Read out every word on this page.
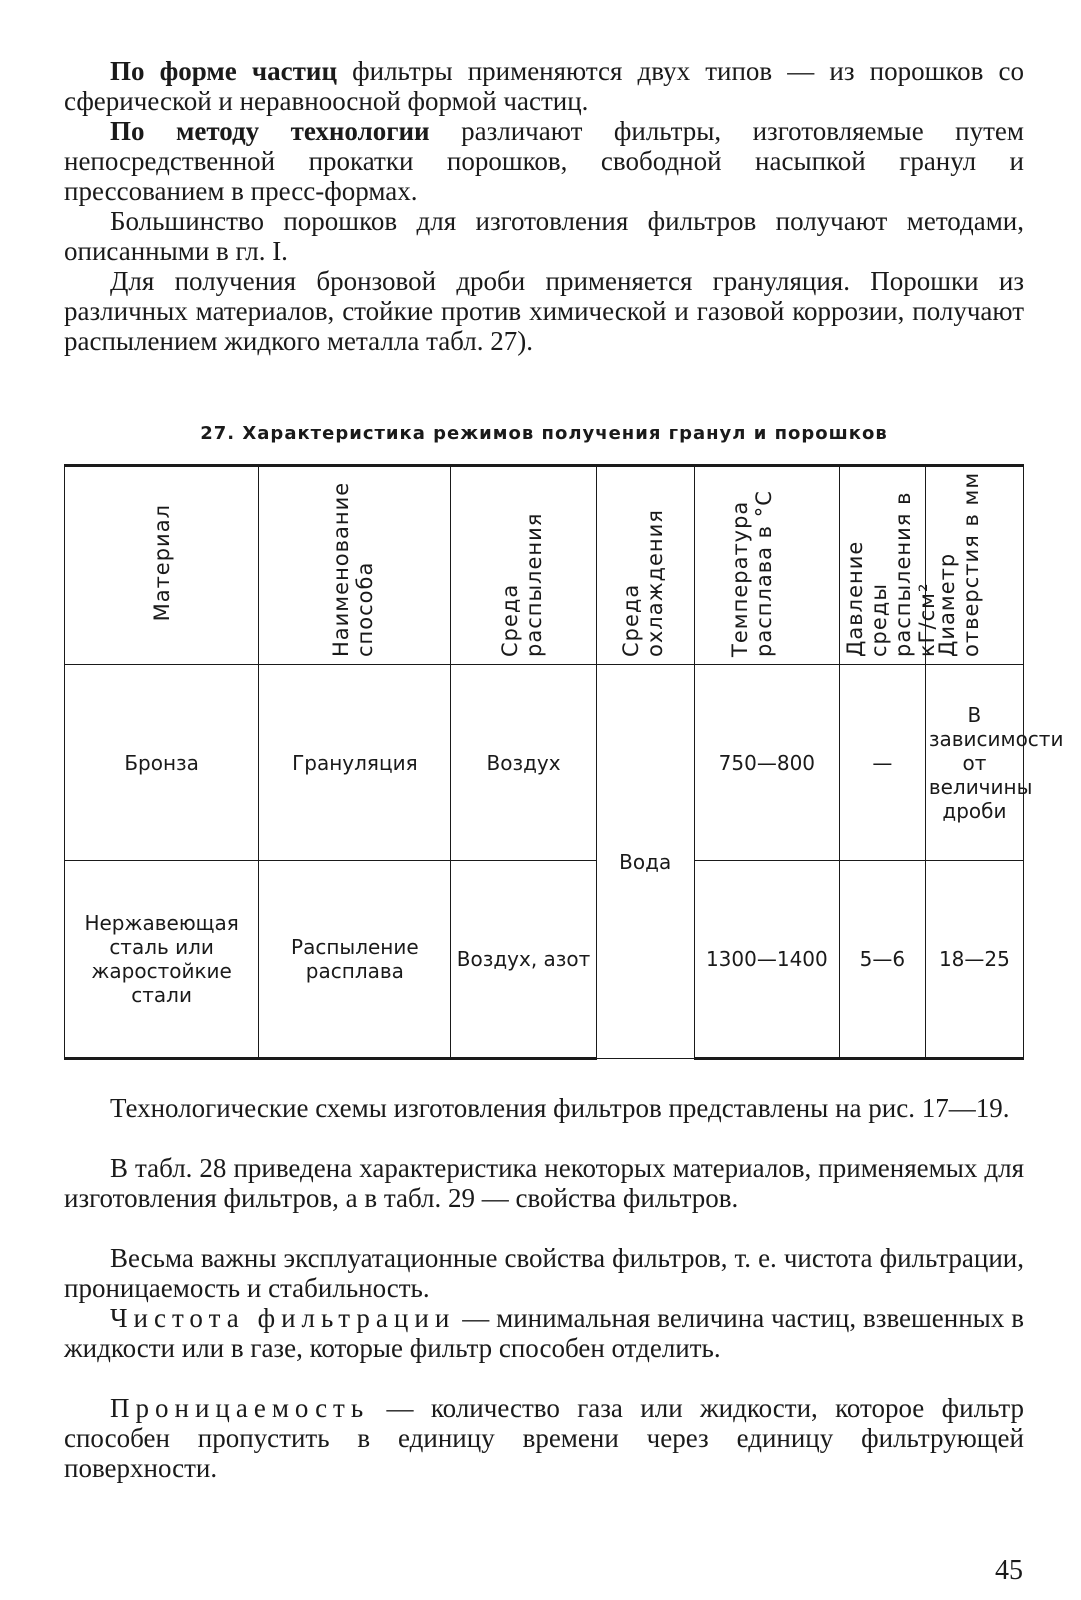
По форме частиц фильтры применяются двух типов — из порошков со сферической и неравноосной формой частиц.
По методу технологии различают фильтры, изготовляемые путем непосредственной прокатки порошков, свободной насыпкой гранул и прессованием в пресс-формах.
Большинство порошков для изготовления фильтров получают методами, описанными в гл. I.
Для получения бронзовой дроби применяется грануляция. Порошки из различных материалов, стойкие против химической и газовой коррозии, получают распылением жидкого металла табл. 27).
27. Характеристика режимов получения гранул и порошков
Материал	Наименование способа	Среда распыления	Среда охлаждения	Температура расплава в °C	Давление среды распыления в кГ/см²	Диаметр отверстия в мм
Бронза	Грануляция	Воздух	Вода	750—800	—	В зависимости от величины дроби
Нержавеющая сталь или жаростойкие стали	Распыление расплава	Воздух, азот		1300—1400	5—6	18—25
Технологические схемы изготовления фильтров представлены на рис. 17—19.
В табл. 28 приведена характеристика некоторых материалов, применяемых для изготовления фильтров, а в табл. 29 — свойства фильтров.
Весьма важны эксплуатационные свойства фильтров, т. е. чистота фильтрации, проницаемость и стабильность.
Чистота фильтрации — минимальная величина частиц, взвешенных в жидкости или в газе, которые фильтр способен отделить.
Проницаемость — количество газа или жидкости, которое фильтр способен пропустить в единицу времени через единицу фильтрующей поверхности.
45
